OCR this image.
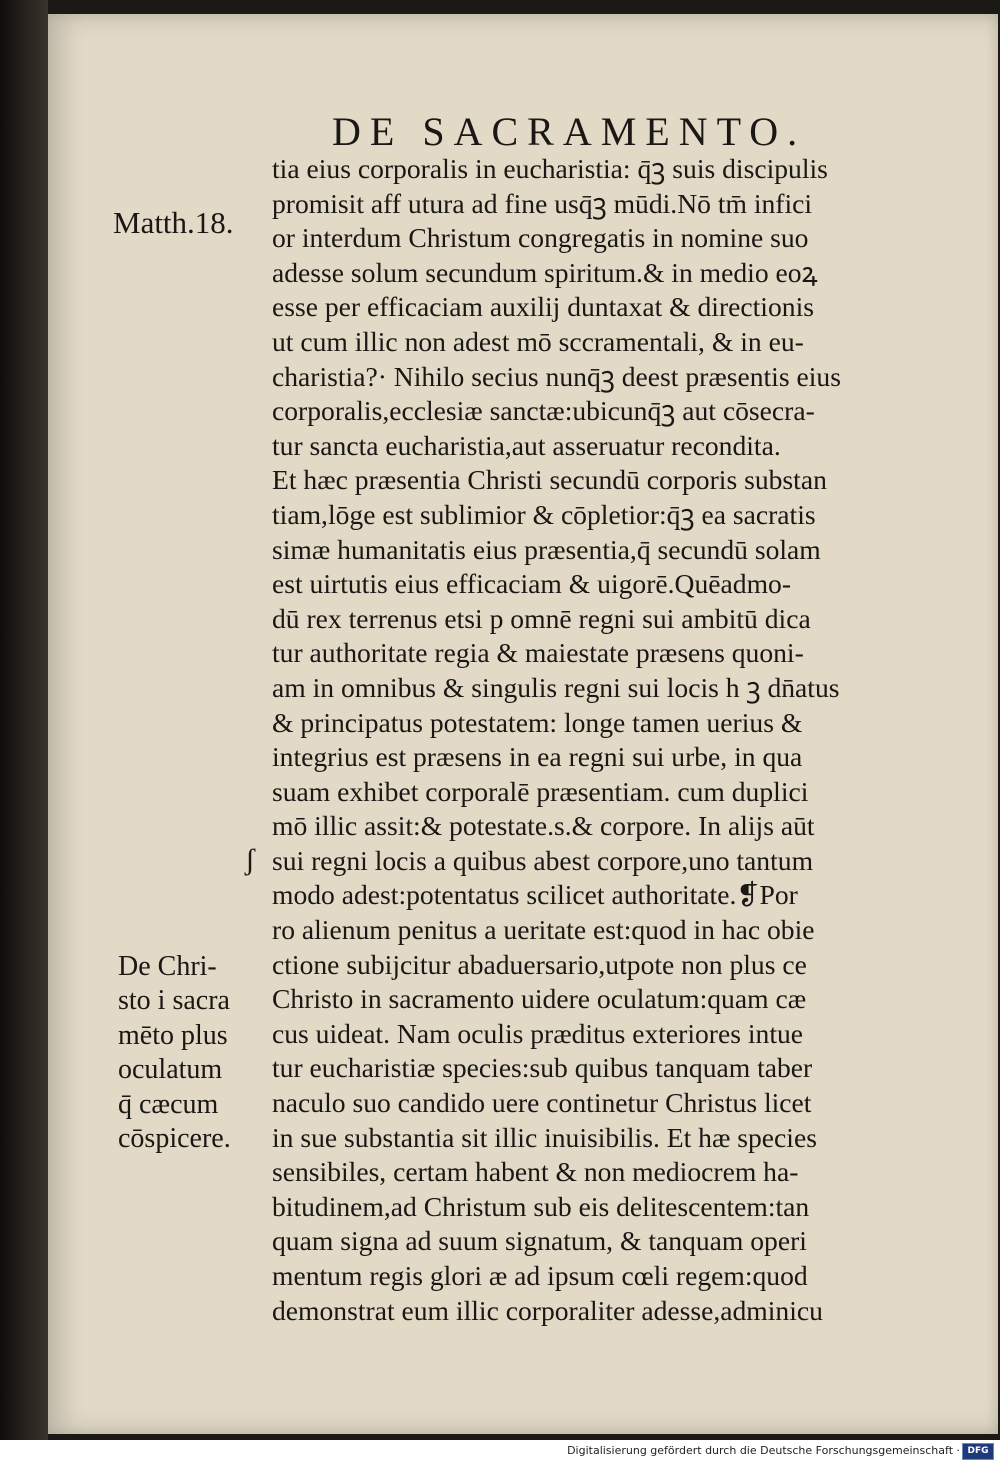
DE SACRAMENTO.
Matth.18.
ʃ
tia eius corporalis in eucharistia: q̄ꝫ suis discipulis
promisit aff utura ad fine usq̄ꝫ mūdi.Nō tm̄ infici
or interdum Christum congregatis in nomine suo
adesse solum secundum spiritum.& in medio eoꝝ
esse per efficaciam auxilij duntaxat & directionis
ut cum illic non adest mō sccramentali, & in eu-
charistia?· Nihilo secius nunq̄ꝫ deest præsentis eius
corporalis,ecclesiæ sanctæ:ubicunq̄ꝫ aut cōsecra-
tur sancta eucharistia,aut asseruatur recondita.
Et hæc præsentia Christi secundū corporis substan
tiam,lōge est sublimior & cōpletior:q̄ꝫ ea sacratis
simæ humanitatis eius præsentia,q̄ secundū solam
est uirtutis eius efficaciam & uigorē.Quēadmo-
dū rex terrenus etsi p omnē regni sui ambitū dica
tur authoritate regia & maiestate præsens quoni-
am in omnibus & singulis regni sui locis h ꝫ dn̄atus
& principatus potestatem: longe tamen uerius &
integrius est præsens in ea regni sui urbe, in qua
suam exhibet corporalē præsentiam. cum duplici
mō illic assit:& potestate.s.& corpore. In alijs aūt
sui regni locis a quibus abest corpore,uno tantum
modo adest:potentatus scilicet authoritate.❡Por
ro alienum penitus a ueritate est:quod in hac obie
ctione subijcitur abaduersario,utpote non plus ce
Christo in sacramento uidere oculatum:quam cæ
cus uideat. Nam oculis præditus exteriores intue
tur eucharistiæ species:sub quibus tanquam taber
naculo suo candido uere continetur Christus licet
in sue substantia sit illic inuisibilis. Et hæ species
sensibiles, certam habent & non mediocrem ha-
bitudinem,ad Christum sub eis delitescentem:tan
quam signa ad suum signatum, & tanquam operi
mentum regis glori æ ad ipsum cœli regem:quod
demonstrat eum illic corporaliter adesse,adminicu
De Chri-
sto i sacra
mēto plus
oculatum
q̄ cæcum
cōspicere.
Digitalisierung gefördert durch die Deutsche Forschungsgemeinschaft · DFG
